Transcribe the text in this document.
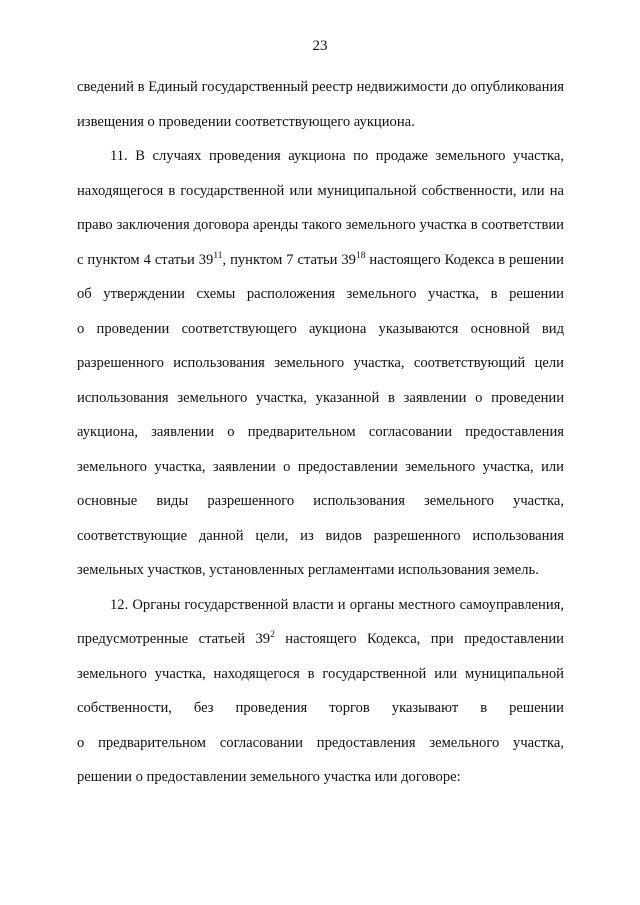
23
сведений в Единый государственный реестр недвижимости до опубликования
извещения о проведении соответствующего аукциона.
11. В случаях проведения аукциона по продаже земельного участка,
находящегося в государственной или муниципальной собственности, или на
право заключения договора аренды такого земельного участка в соответствии
с пунктом 4 статьи $39^{11}$, пунктом 7 статьи $39^{18}$ настоящего Кодекса в решении
об утверждении схемы расположения земельного участка, в решении
о проведении соответствующего аукциона указываются основной вид
разрешенного использования земельного участка, соответствующий цели
использования земельного участка, указанной в заявлении о проведении
аукциона, заявлении о предварительном согласовании предоставления
земельного участка, заявлении о предоставлении земельного участка, или
основные виды разрешенного использования земельного участка,
соответствующие данной цели, из видов разрешенного использования
земельных участков, установленных регламентами использования земель.
12. Органы государственной власти и органы местного самоуправления,
предусмотренные статьей $39^2$ настоящего Кодекса, при предоставлении
земельного участка, находящегося в государственной или муниципальной
собственности, без проведения торгов указывают в решении
о предварительном согласовании предоставления земельного участка,
решении о предоставлении земельного участка или договоре:
